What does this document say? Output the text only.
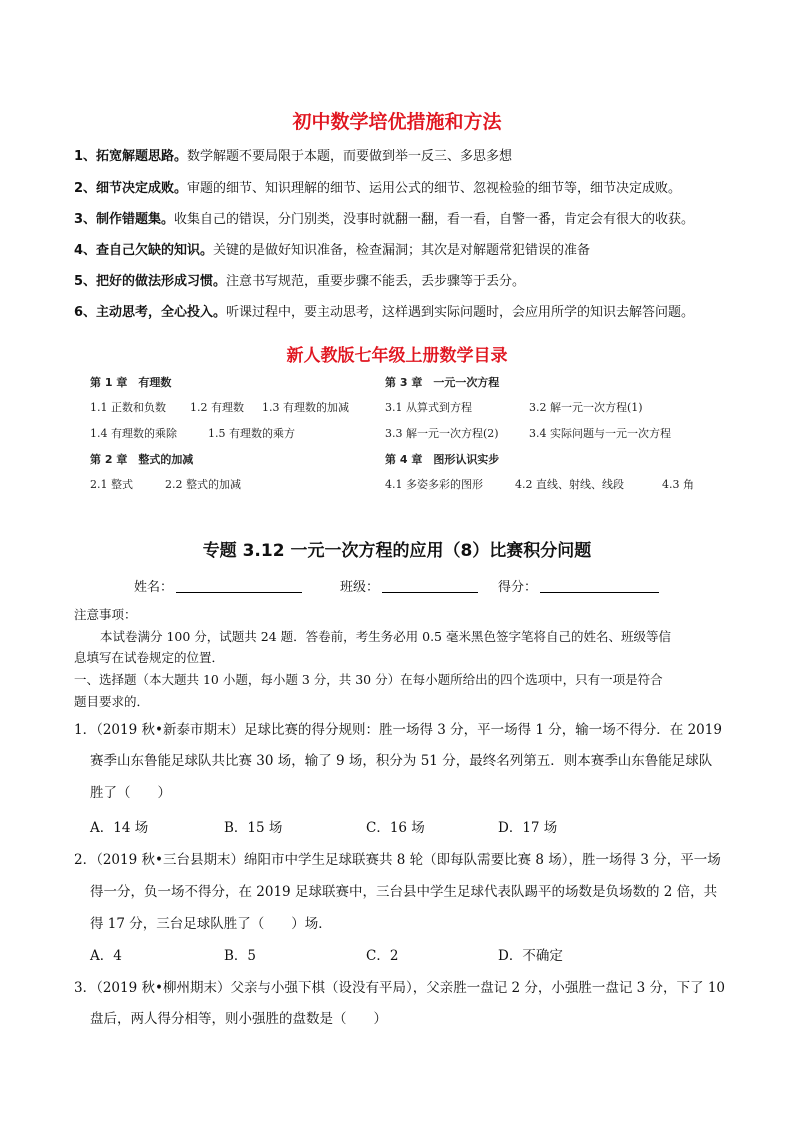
初中数学培优措施和方法
1、拓宽解题思路。数学解题不要局限于本题，而要做到举一反三、多思多想
2、细节决定成败。审题的细节、知识理解的细节、运用公式的细节、忽视检验的细节等，细节决定成败。
3、制作错题集。收集自己的错误，分门别类，没事时就翻一翻，看一看，自警一番，肯定会有很大的收获。
4、查自己欠缺的知识。关键的是做好知识准备，检查漏洞；其次是对解题常犯错误的准备
5、把好的做法形成习惯。注意书写规范，重要步骤不能丢，丢步骤等于丢分。
6、主动思考，全心投入。听课过程中，要主动思考，这样遇到实际问题时，会应用所学的知识去解答问题。
新人教版七年级上册数学目录
第 1 章　有理数
1.1 正数和负数 1.2 有理数 1.3 有理数的加减
1.4 有理数的乘除	1.5 有理数的乘方
第 2 章　整式的加减
2.1 整式	2.2 整式的加减
第 3 章　一元一次方程
3.1 从算式到方程	3.2 解一元一次方程(1)
3.3 解一元一次方程(2)	3.4 实际问题与一元一次方程
第 4 章　图形认识实步
4.1 多姿多彩的图形	4.2 直线、射线、线段	4.3 角
专题 3.12 一元一次方程的应用（8）比赛积分问题
姓名：	班级：	得分：
注意事项：
本试卷满分 100 分，试题共 24 题．答卷前，考生务必用 0.5 毫米黑色签字笔将自己的姓名、班级等信
息填写在试卷规定的位置．
一、选择题（本大题共 10 小题，每小题 3 分，共 30 分）在每小题所给出的四个选项中，只有一项是符合
题目要求的．
1．（2019 秋•新泰市期末）足球比赛的得分规则：胜一场得 3 分，平一场得 1 分，输一场不得分．在 2019
赛季山东鲁能足球队共比赛 30 场，输了 9 场，积分为 51 分，最终名列第五．则本赛季山东鲁能足球队
胜了（　　）
A．14 场	B．15 场	C．16 场	D．17 场
2．（2019 秋•三台县期末）绵阳市中学生足球联赛共 8 轮（即每队需要比赛 8 场），胜一场得 3 分，平一场
得一分，负一场不得分，在 2019 足球联赛中，三台县中学生足球代表队踢平的场数是负场数的 2 倍，共
得 17 分，三台足球队胜了（　　）场．
A．4	B．5	C．2	D．不确定
3．（2019 秋•柳州期末）父亲与小强下棋（设没有平局），父亲胜一盘记 2 分，小强胜一盘记 3 分，下了 10
盘后，两人得分相等，则小强胜的盘数是（　　）
